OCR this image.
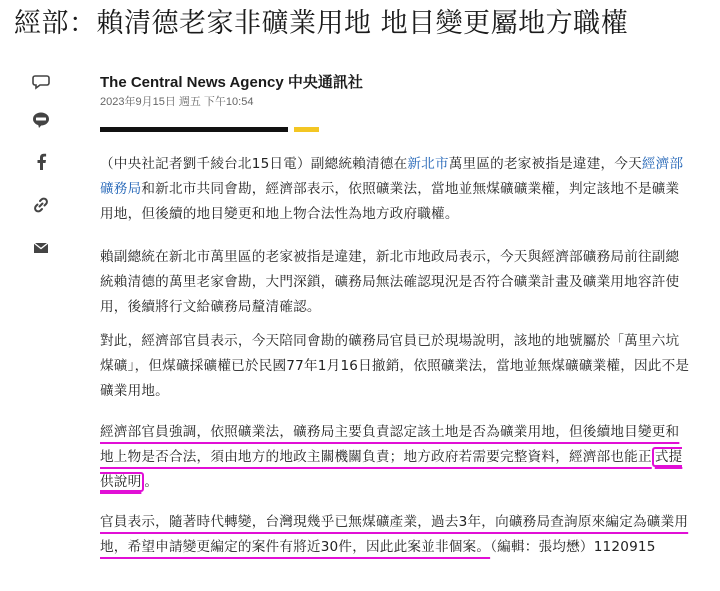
經部：賴清德老家非礦業用地 地目變更屬地方職權
The Central News Agency 中央通訊社
2023年9月15日 週五 下午10:54

（中央社記者劉千綾台北15日電）副總統賴清德在新北市萬里區的老家被指是違建，今天經濟部礦務局和新北市共同會勘，經濟部表示，依照礦業法，當地並無煤礦礦業權，判定該地不是礦業用地，但後續的地目變更和地上物合法性為地方政府職權。

賴副總統在新北市萬里區的老家被指是違建，新北市地政局表示，今天與經濟部礦務局前往副總統賴清德的萬里老家會勘，大門深鎖，礦務局無法確認現況是否符合礦業計畫及礦業用地容許使用，後續將行文給礦務局釐清確認。

對此，經濟部官員表示，今天陪同會勘的礦務局官員已於現場說明，該地的地號屬於「萬里六坑煤礦」，但煤礦採礦權已於民國77年1月16日撤銷，依照礦業法，當地並無煤礦礦業權，因此不是礦業用地。

經濟部官員強調，依照礦業法，礦務局主要負責認定該土地是否為礦業用地，但後續地目變更和地上物是否合法，須由地方的地政主關機關負責；地方政府若需要完整資料，經濟部也能正 式提供說明 。

官員表示，隨著時代轉變，台灣現幾乎已無煤礦產業，過去3年，向礦務局查詢原來編定為礦業用地，希望申請變更編定的案件有將近30件，因此此案並非個案。（編輯：張均懋）1120915
